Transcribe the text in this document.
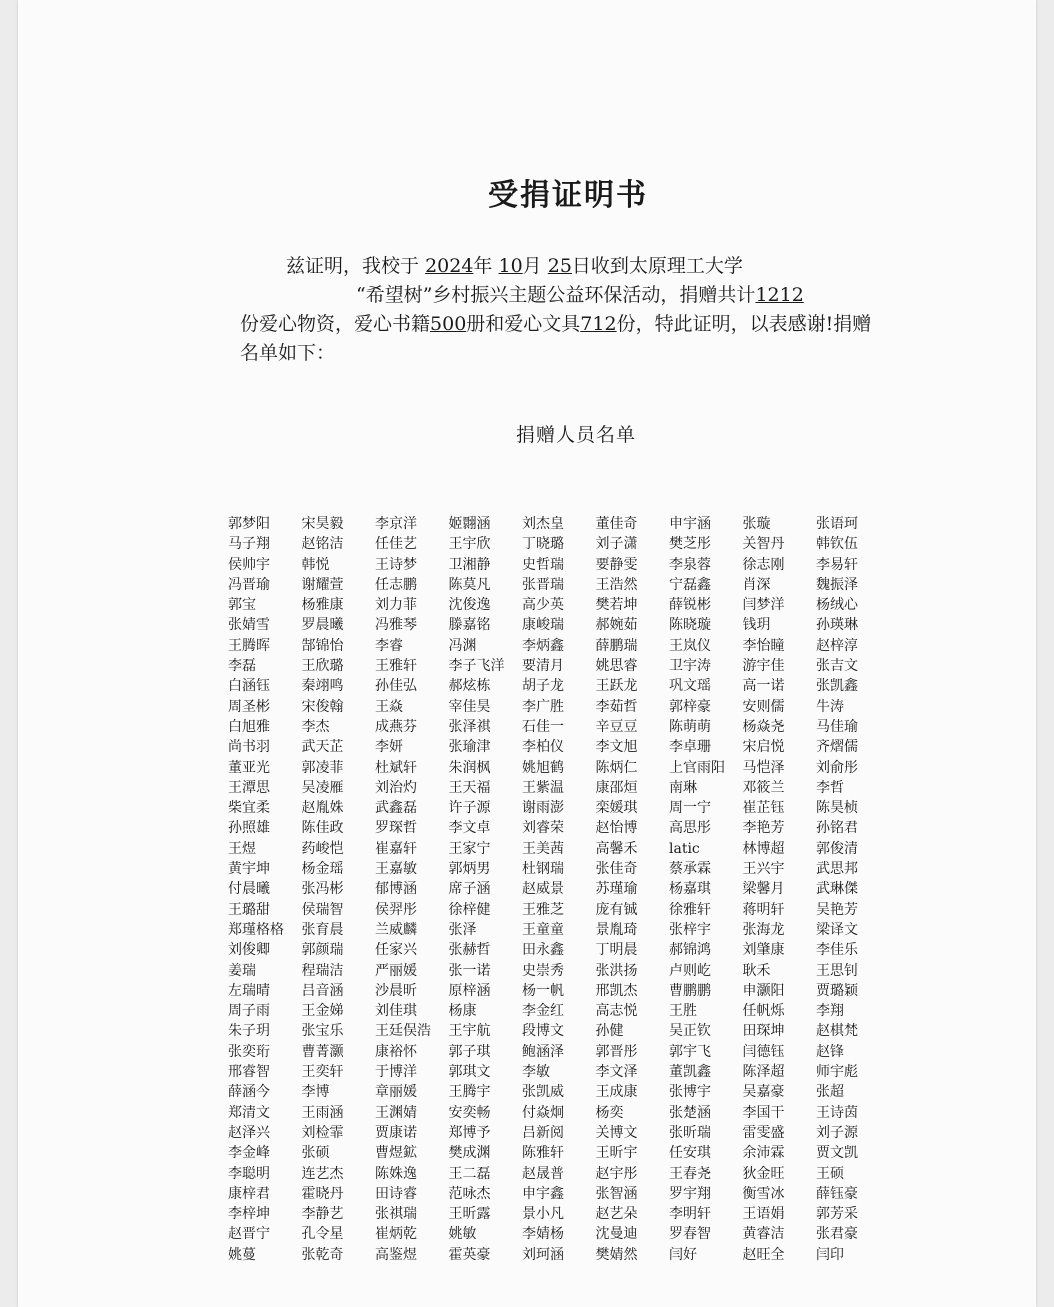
受捐证明书
兹证明，我校于 2024年 10月 25日收到太原理工大学
“希望树”乡村振兴主题公益环保活动，捐赠共计1212
份爱心物资，爱心书籍500册和爱心文具712份，特此证明，以表感谢!捐赠名单如下：
捐赠人员名单
郭梦阳	宋昊毅	李京洋	姬翾涵	刘杰皇	董佳奇	申宇涵	张璇	张语珂
马子翔	赵铭洁	任佳艺	王宇欣	丁晓璐	刘子潇	樊芝彤	关智丹	韩钦伍
侯帅宇	韩悦	王诗梦	卫湘静	史哲瑞	要静雯	李泉蓉	徐志刚	李易轩
冯晋瑜	谢耀萱	任志鹏	陈莫凡	张晋瑞	王浩然	宁磊鑫	肖深	魏振泽
郭宝	杨雅康	刘力菲	沈俊逸	高少英	樊若坤	薛锐彬	闫梦洋	杨绒心
张婧雪	罗晨曦	冯雅琴	滕嘉铭	康峻瑞	郝婉茹	陈晓璇	钱玥	孙瑛琳
王腾晖	郜锦怡	李睿	冯渊	李炳鑫	薛鹏瑞	王岚仪	李怡瞳	赵梓淳
李磊	王欣璐	王雅轩	李子飞洋	要清月	姚思睿	卫宇涛	游宇佳	张吉文
白涵钰	秦翊鸣	孙佳弘	郝炫栋	胡子龙	王跃龙	巩文瑶	高一诺	张凯鑫
周圣彬	宋俊翰	王焱	宰佳昊	李广胜	李茹哲	郭梓豪	安则儒	牛涛
白旭雅	李杰	成燕芬	张泽祺	石佳一	辛豆豆	陈萌萌	杨焱尧	马佳瑜
尚书羽	武天芷	李妍	张瑜津	李柏仪	李文旭	李卓珊	宋启悦	齐熠儒
董亚光	郭凌菲	杜斌轩	朱润枫	姚旭鹤	陈炳仁	上官雨阳	马恺泽	刘俞彤
王潭思	吴凌雁	刘治灼	王天福	王紫温	康邵烜	南琳	邓筱兰	李哲
柴宜柔	赵胤姝	武鑫磊	许子源	谢雨澎	栾媛琪	周一宁	崔芷钰	陈昊桢
孙照雄	陈佳政	罗琛哲	李文卓	刘睿荣	赵怡博	高思彤	李艳芳	孙铭君
王煜	药峻恺	崔嘉轩	王家宁	王美茜	高馨禾	latic	林博超	郭俊清
黄宇坤	杨金瑶	王嘉敏	郭炳男	杜钢瑞	张佳奇	蔡承霖	王兴宇	武思邦
付晨曦	张冯彬	郁博涵	席子涵	赵威景	苏瑾瑜	杨嘉琪	梁馨月	武琳傑
王璐甜	侯瑞智	侯羿彤	徐梓健	王雅芝	庞有铖	徐雅轩	蒋明轩	吴艳芳
郑瑾格格	张育晨	兰威麟	张泽	王童童	景胤琦	张梓宇	张海龙	梁译文
刘俊卿	郭颜瑞	任家兴	张赫哲	田永鑫	丁明晨	郝锦鸿	刘肇康	李佳乐
姜瑞	程瑞洁	严丽媛	张一诺	史崇秀	张洪扬	卢则屹	耿禾	王思钊
左瑞晴	吕音涵	沙晨昕	原梓涵	杨一帆	邢凯杰	曹鹏鹏	申灏阳	贾璐颖
周子雨	王金娣	刘佳琪	杨康	李金红	高志悦	王胜	任帆烁	李翔
朱子玥	张宝乐	王廷俣浩	王宇航	段博文	孙健	吴正钦	田琛坤	赵棋梵
张奕珩	曹菁灏	康裕怀	郭子琪	鲍涵泽	郭晋彤	郭宇飞	闫德钰	赵锋
邢睿智	王奕轩	于博洋	郭琪文	李敏	李文泽	董凯鑫	陈泽超	师宇彪
薛涵今	李博	章丽媛	王腾宇	张凯威	王成康	张博宇	吴嘉豪	张超
郑清文	王雨涵	王渊婧	安奕畅	付焱炯	杨奕	张楚涵	李国干	王诗茵
赵泽兴	刘检霏	贾康诺	郑博予	吕新阅	关博文	张昕瑞	雷雯盛	刘子源
李金峰	张硕	曹煜鉱	樊成渊	陈雅轩	王昕宇	任安琪	余沛霖	贾文凯
李聪明	连艺杰	陈姝逸	王二磊	赵晟普	赵宇彤	王春尧	狄金旺	王硕
康梓君	霍晓丹	田诗睿	范咏杰	申宇鑫	张智涵	罗宇翔	衡雪冰	薛钰豪
李梓坤	李静艺	张祺瑞	王昕露	景小凡	赵艺朵	李明轩	王语娟	郭芳采
赵晋宁	孔令星	崔炳乾	姚敏	李婧杨	沈曼迪	罗春智	黄睿洁	张君豪
姚蔓	张乾奇	高鉴煜	霍英豪	刘珂涵	樊婧然	闫好	赵旺全	闫印
